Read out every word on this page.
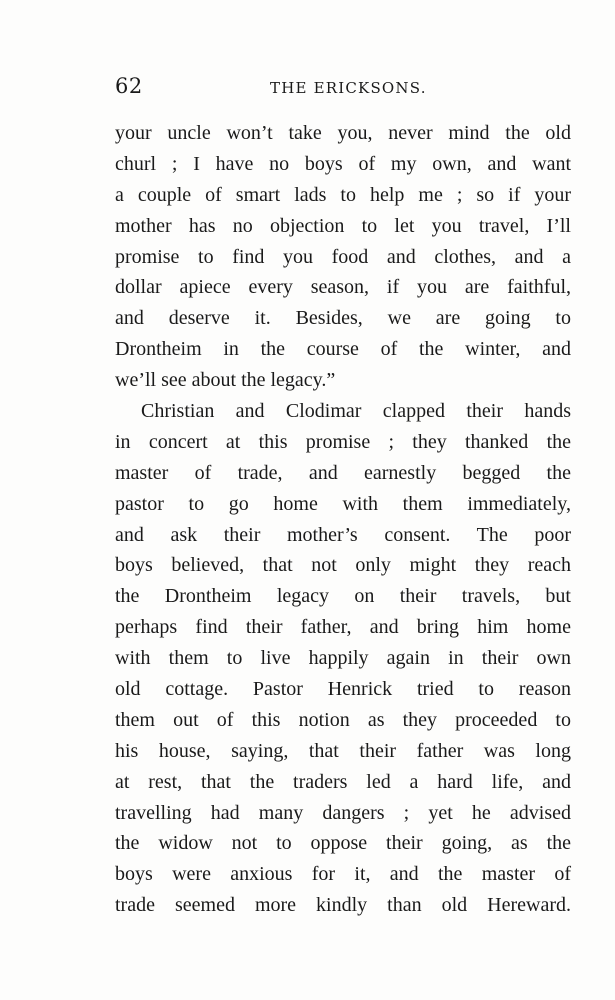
62	THE ERICKSONS.
your uncle won’t take you, never mind the old
churl ; I have no boys of my own, and want
a couple of smart lads to help me ; so if your
mother has no objection to let you travel, I’ll
promise to find you food and clothes, and a
dollar apiece every season, if you are faithful,
and deserve it. Besides, we are going to
Drontheim in the course of the winter, and
we’ll see about the legacy.”
Christian and Clodimar clapped their hands
in concert at this promise ; they thanked the
master of trade, and earnestly begged the
pastor to go home with them immediately,
and ask their mother’s consent. The poor
boys believed, that not only might they reach
the Drontheim legacy on their travels, but
perhaps find their father, and bring him home
with them to live happily again in their own
old cottage. Pastor Henrick tried to reason
them out of this notion as they proceeded to
his house, saying, that their father was long
at rest, that the traders led a hard life, and
travelling had many dangers ; yet he advised
the widow not to oppose their going, as the
boys were anxious for it, and the master of
trade seemed more kindly than old Hereward.
